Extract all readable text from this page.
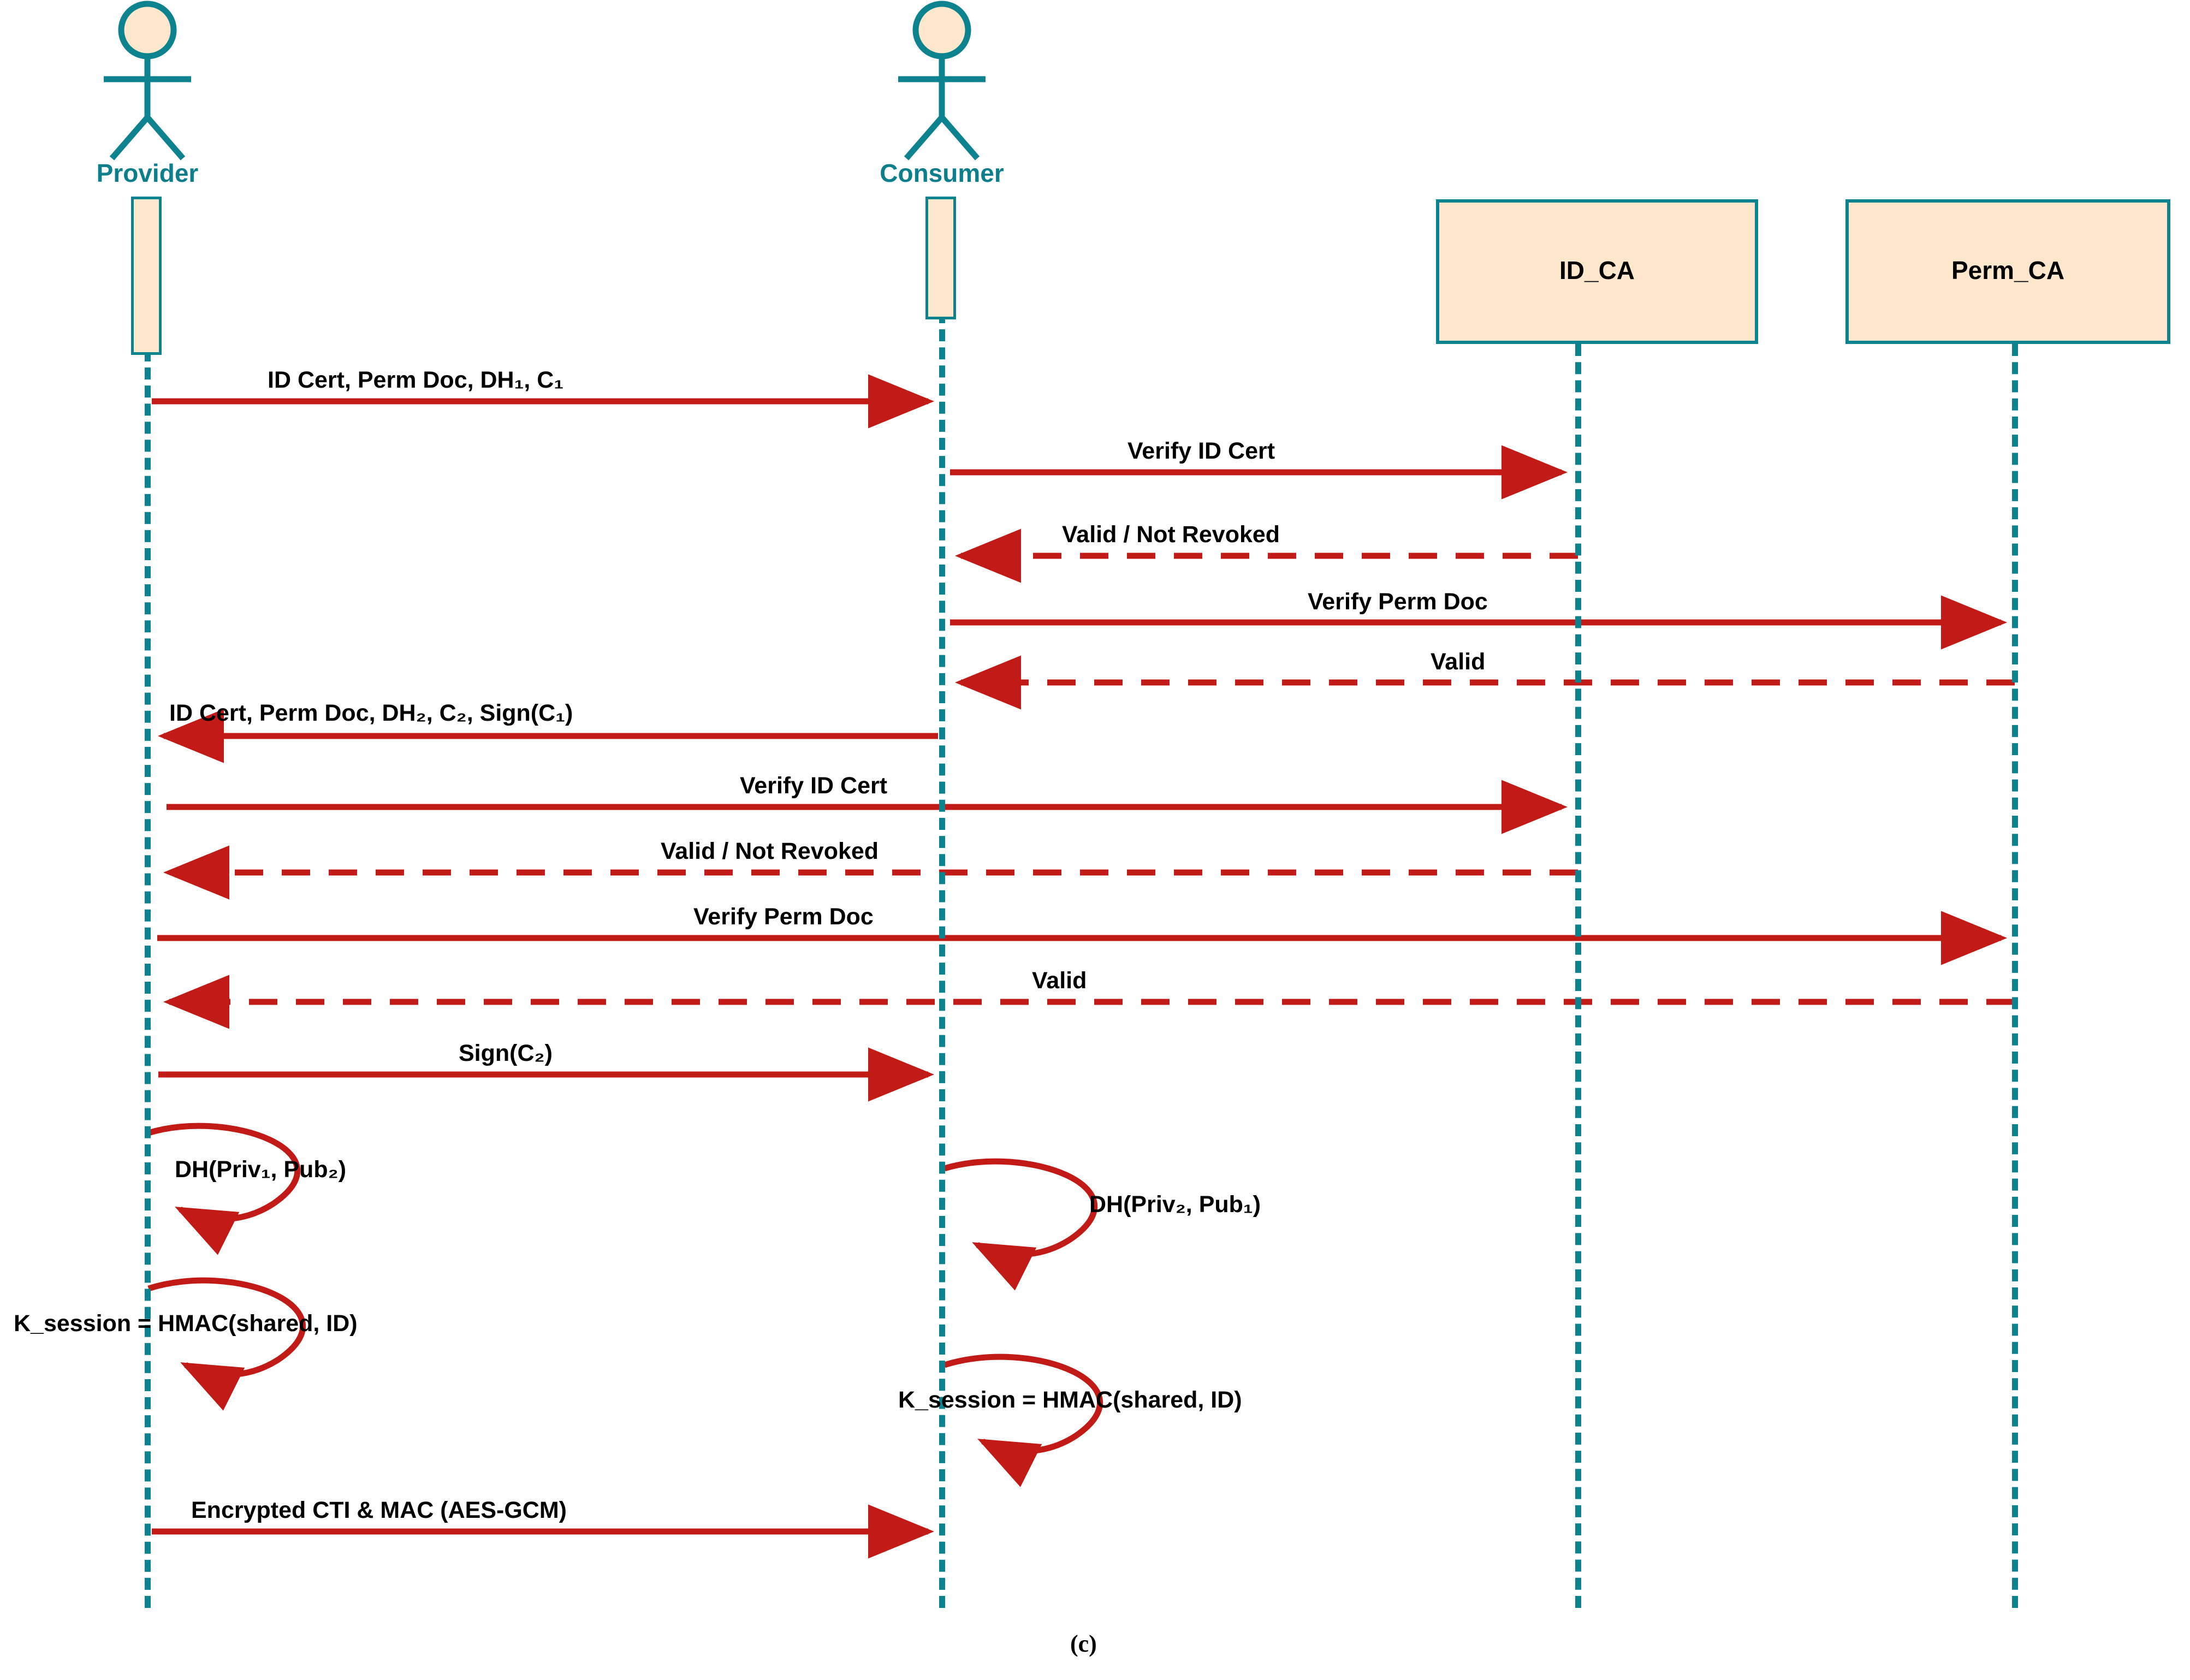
Provider	Consumer
ID_CA	Perm_CA
ID Cert, Perm Doc, DH₁, C₁
Verify ID Cert
Valid / Not Revoked
Verify Perm Doc
Valid
ID Cert, Perm Doc, DH₂, C₂, Sign(C₁)
Verify ID Cert
Valid / Not Revoked
Verify Perm Doc
Valid
Sign(C₂)
DH(Priv₁, Pub₂)
DH(Priv₂, Pub₁)
K_session = HMAC(shared, ID)
K_session = HMAC(shared, ID)
Encrypted CTI & MAC (AES-GCM)
(c)
